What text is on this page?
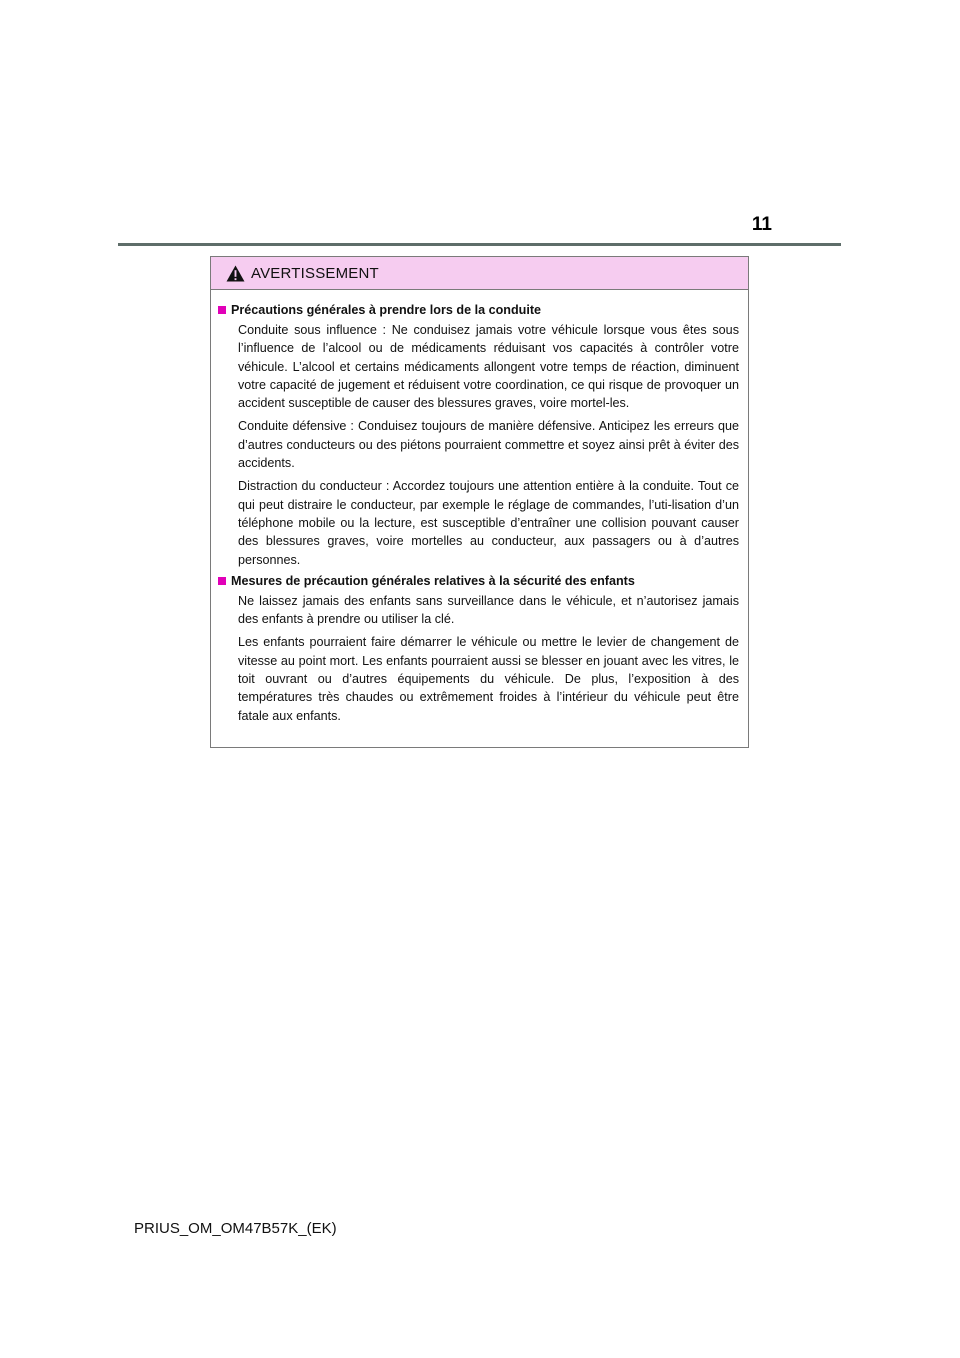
11
AVERTISSEMENT
Précautions générales à prendre lors de la conduite
Conduite sous influence : Ne conduisez jamais votre véhicule lorsque vous êtes sous l’influence de l’alcool ou de médicaments réduisant vos capacités à contrôler votre véhicule. L’alcool et certains médicaments allongent votre temps de réaction, diminuent votre capacité de jugement et réduisent votre coordination, ce qui risque de provoquer un accident susceptible de causer des blessures graves, voire mortel-les.
Conduite défensive : Conduisez toujours de manière défensive. Anticipez les erreurs que d’autres conducteurs ou des piétons pourraient commettre et soyez ainsi prêt à éviter des accidents.
Distraction du conducteur : Accordez toujours une attention entière à la conduite. Tout ce qui peut distraire le conducteur, par exemple le réglage de commandes, l’uti-lisation d’un téléphone mobile ou la lecture, est susceptible d’entraîner une collision pouvant causer des blessures graves, voire mortelles au conducteur, aux passagers ou à d’autres personnes.
Mesures de précaution générales relatives à la sécurité des enfants
Ne laissez jamais des enfants sans surveillance dans le véhicule, et n’autorisez jamais des enfants à prendre ou utiliser la clé.
Les enfants pourraient faire démarrer le véhicule ou mettre le levier de changement de vitesse au point mort. Les enfants pourraient aussi se blesser en jouant avec les vitres, le toit ouvrant ou d’autres équipements du véhicule. De plus, l’exposition à des températures très chaudes ou extrêmement froides à l’intérieur du véhicule peut être fatale aux enfants.
PRIUS_OM_OM47B57K_(EK)
